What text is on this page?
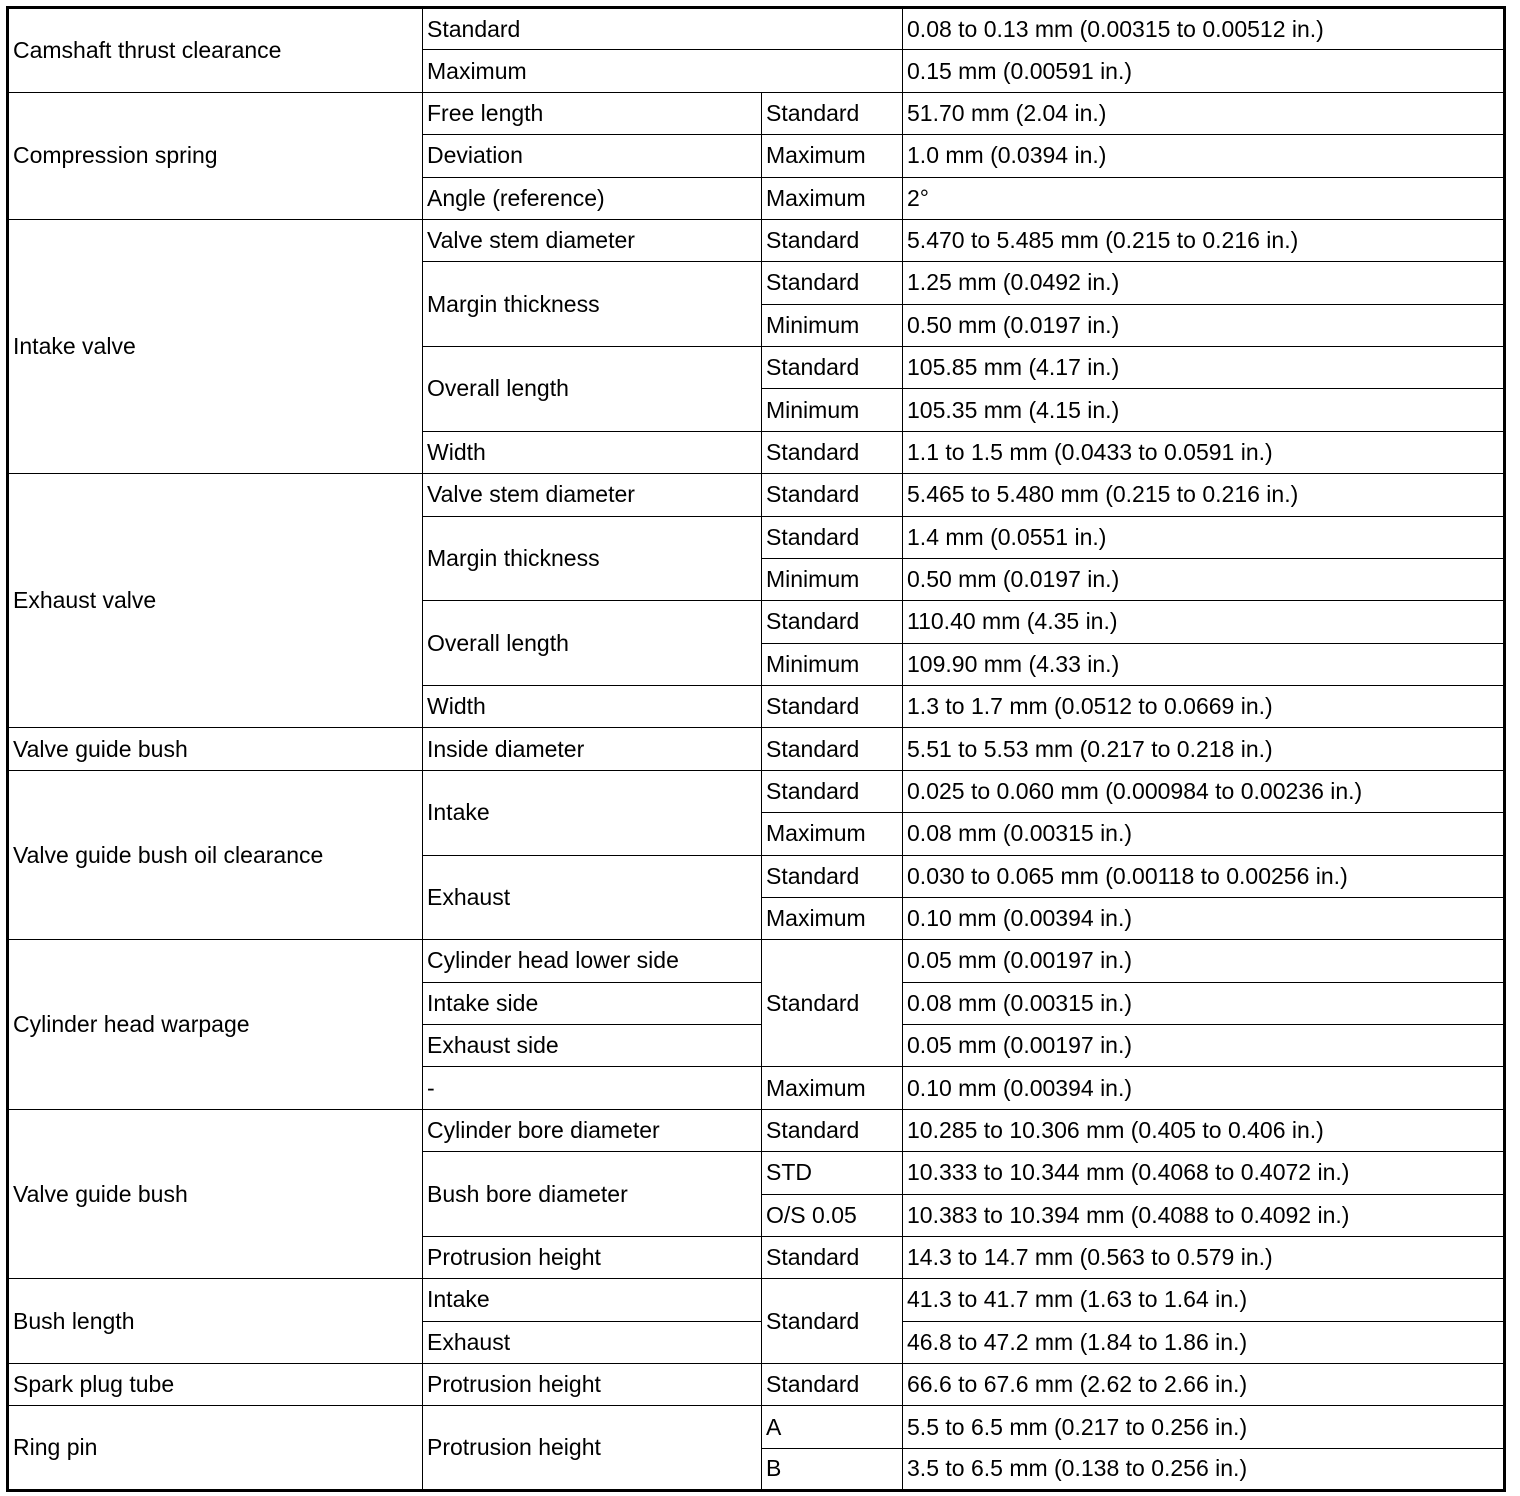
Camshaft thrust clearance	Standard		0.08 to 0.13 mm (0.00315 to 0.00512 in.)
	Maximum		0.15 mm (0.00591 in.)
Compression spring	Free length	Standard	51.70 mm (2.04 in.)
	Deviation	Maximum	1.0 mm (0.0394 in.)
	Angle (reference)	Maximum	2°
Intake valve	Valve stem diameter	Standard	5.470 to 5.485 mm (0.215 to 0.216 in.)
	Margin thickness	Standard	1.25 mm (0.0492 in.)
		Minimum	0.50 mm (0.0197 in.)
	Overall length	Standard	105.85 mm (4.17 in.)
		Minimum	105.35 mm (4.15 in.)
	Width	Standard	1.1 to 1.5 mm (0.0433 to 0.0591 in.)
Exhaust valve	Valve stem diameter	Standard	5.465 to 5.480 mm (0.215 to 0.216 in.)
	Margin thickness	Standard	1.4 mm (0.0551 in.)
		Minimum	0.50 mm (0.0197 in.)
	Overall length	Standard	110.40 mm (4.35 in.)
		Minimum	109.90 mm (4.33 in.)
	Width	Standard	1.3 to 1.7 mm (0.0512 to 0.0669 in.)
Valve guide bush	Inside diameter	Standard	5.51 to 5.53 mm (0.217 to 0.218 in.)
Valve guide bush oil clearance	Intake	Standard	0.025 to 0.060 mm (0.000984 to 0.00236 in.)
		Maximum	0.08 mm (0.00315 in.)
	Exhaust	Standard	0.030 to 0.065 mm (0.00118 to 0.00256 in.)
		Maximum	0.10 mm (0.00394 in.)
Cylinder head warpage	Cylinder head lower side	Standard	0.05 mm (0.00197 in.)
	Intake side		0.08 mm (0.00315 in.)
	Exhaust side		0.05 mm (0.00197 in.)
	-	Maximum	0.10 mm (0.00394 in.)
Valve guide bush	Cylinder bore diameter	Standard	10.285 to 10.306 mm (0.405 to 0.406 in.)
	Bush bore diameter	STD	10.333 to 10.344 mm (0.4068 to 0.4072 in.)
		O/S 0.05	10.383 to 10.394 mm (0.4088 to 0.4092 in.)
	Protrusion height	Standard	14.3 to 14.7 mm (0.563 to 0.579 in.)
Bush length	Intake	Standard	41.3 to 41.7 mm (1.63 to 1.64 in.)
	Exhaust		46.8 to 47.2 mm (1.84 to 1.86 in.)
Spark plug tube	Protrusion height	Standard	66.6 to 67.6 mm (2.62 to 2.66 in.)
Ring pin	Protrusion height	A	5.5 to 6.5 mm (0.217 to 0.256 in.)
		B	3.5 to 6.5 mm (0.138 to 0.256 in.)
